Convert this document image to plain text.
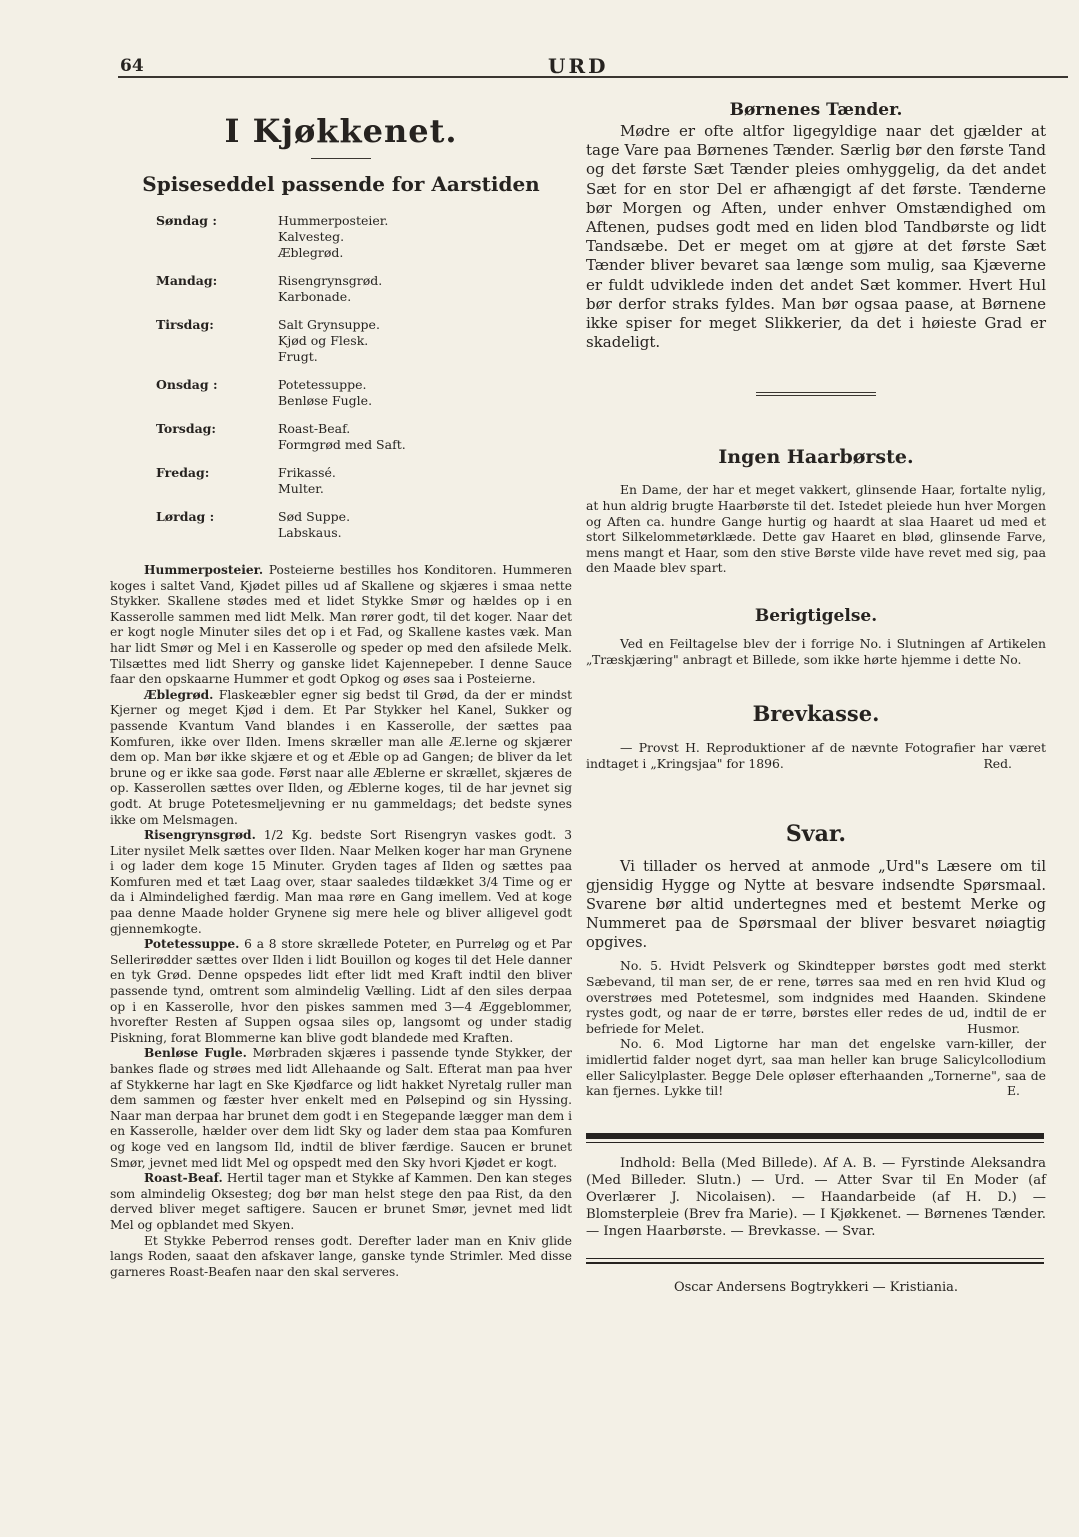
64	URD
I Kjøkkenet.
Spiseseddel passende for Aarstiden
Søndag :	Hummerposteier.
Kalvesteg.
Æblegrød.
Mandag:	Risengrynsgrød.
Karbonade.
Tirsdag:	Salt Grynsuppe.
Kjød og Flesk.
Frugt.
Onsdag :	Potetessuppe.
Benløse Fugle.
Torsdag:	Roast-Beaf.
Formgrød med Saft.
Fredag:	Frikassé.
Multer.
Lørdag :	Sød Suppe.
Labskaus.

Hummerposteier. Posteierne bestilles hos Konditoren. Hummeren koges i saltet Vand, Kjødet pilles ud af Skallene og skjæres i smaa nette Stykker. Skallene stødes med et lidet Stykke Smør og hældes op i en Kasserolle sammen med lidt Melk. Man rører godt, til det koger. Naar det er kogt nogle Minuter siles det op i et Fad, og Skallene kastes væk. Man har lidt Smør og Mel i en Kasserolle og speder op med den afsilede Melk. Tilsættes med lidt Sherry og ganske lidet Kajennepeber. I denne Sauce faar den opskaarne Hummer et godt Opkog og øses saa i Posteierne.

Æblegrød. Flaskeæbler egner sig bedst til Grød, da der er mindst Kjerner og meget Kjød i dem. Et Par Stykker hel Kanel, Sukker og passende Kvantum Vand blandes i en Kasserolle, der sættes paa Komfuren, ikke over Ilden. Imens skræller man alle Æ.lerne og skjærer dem op. Man bør ikke skjære et og et Æble op ad Gangen; de bliver da let brune og er ikke saa gode. Først naar alle Æblerne er skrællet, skjæres de op. Kasserollen sættes over Ilden, og Æblerne koges, til de har jevnet sig godt. At bruge Potetesmeljevning er nu gammeldags; det bedste synes ikke om Melsmagen.

Risengrynsgrød. 1/2 Kg. bedste Sort Risengryn vaskes godt. 3 Liter nysilet Melk sættes over Ilden. Naar Melken koger har man Grynene i og lader dem koge 15 Minuter. Gryden tages af Ilden og sættes paa Komfuren med et tæt Laag over, staar saaledes tildækket 3/4 Time og er da i Almindelighed færdig. Man maa røre en Gang imellem. Ved at koge paa denne Maade holder Grynene sig mere hele og bliver alligevel godt gjennemkogte.

Potetessuppe. 6 a 8 store skrællede Poteter, en Purreløg og et Par Sellerirødder sættes over Ilden i lidt Bouillon og koges til det Hele danner en tyk Grød. Denne opspedes lidt efter lidt med Kraft indtil den bliver passende tynd, omtrent som almindelig Vælling. Lidt af den siles derpaa op i en Kasserolle, hvor den piskes sammen med 3—4 Æggeblommer, hvorefter Resten af Suppen ogsaa siles op, langsomt og under stadig Piskning, forat Blommerne kan blive godt blandede med Kraften.

Benløse Fugle. Mørbraden skjæres i passende tynde Stykker, der bankes flade og strøes med lidt Allehaande og Salt. Efterat man paa hver af Stykkerne har lagt en Ske Kjødfarce og lidt hakket Nyretalg ruller man dem sammen og fæster hver enkelt med en Pølsepind og sin Hyssing. Naar man derpaa har brunet dem godt i en Stegepande lægger man dem i en Kasserolle, hælder over dem lidt Sky og lader dem staa paa Komfuren og koge ved en langsom Ild, indtil de bliver færdige. Saucen er brunet Smør, jevnet med lidt Mel og opspedt med den Sky hvori Kjødet er kogt.

Roast-Beaf. Hertil tager man et Stykke af Kammen. Den kan steges som almindelig Oksesteg; dog bør man helst stege den paa Rist, da den derved bliver meget saftigere. Saucen er brunet Smør, jevnet med lidt Mel og opblandet med Skyen.

Et Stykke Peberrod renses godt. Derefter lader man en Kniv glide langs Roden, saaat den afskaver lange, ganske tynde Strimler. Med disse garneres Roast-Beafen naar den skal serveres.

Børnenes Tænder.

Mødre er ofte altfor ligegyldige naar det gjælder at tage Vare paa Børnenes Tænder. Særlig bør den første Tand og det første Sæt Tænder pleies omhyggelig, da det andet Sæt for en stor Del er afhængigt af det første. Tænderne bør Morgen og Aften, under enhver Omstændighed om Aftenen, pudses godt med en liden blod Tandbørste og lidt Tandsæbe. Det er meget om at gjøre at det første Sæt Tænder bliver bevaret saa længe som mulig, saa Kjæverne er fuldt udviklede inden det andet Sæt kommer. Hvert Hul bør derfor straks fyldes. Man bør ogsaa paase, at Børnene ikke spiser for meget Slikkerier, da det i høieste Grad er skadeligt.

Ingen Haarbørste.

En Dame, der har et meget vakkert, glinsende Haar, fortalte nylig, at hun aldrig brugte Haarbørste til det. Istedet pleiede hun hver Morgen og Aften ca. hundre Gange hurtig og haardt at slaa Haaret ud med et stort Silkelommetørklæde. Dette gav Haaret en blød, glinsende Farve, mens mangt et Haar, som den stive Børste vilde have revet med sig, paa den Maade blev spart.

Berigtigelse.

Ved en Feiltagelse blev der i forrige No. i Slutningen af Artikelen „Træskjæring" anbragt et Billede, som ikke hørte hjemme i dette No.

Brevkasse.

— Provst H. Reproduktioner af de nævnte Fotografier har været indtaget i „Kringsjaa" for 1896.	Red.

Svar.

Vi tillader os herved at anmode „Urd"s Læsere om til gjensidig Hygge og Nytte at besvare indsendte Spørsmaal. Svarene bør altid undertegnes med et bestemt Merke og Nummeret paa de Spørsmaal der bliver besvaret nøiagtig opgives.

No. 5. Hvidt Pelsverk og Skindtepper børstes godt med sterkt Sæbevand, til man ser, de er rene, tørres saa med en ren hvid Klud og overstrøes med Potetesmel, som indgnides med Haanden. Skindene rystes godt, og naar de er tørre, børstes eller redes de ud, indtil de er befriede for Melet.	Husmor.

No. 6. Mod Ligtorne har man det engelske varn-killer, der imidlertid falder noget dyrt, saa man heller kan bruge Salicylcollodium eller Salicylplaster. Begge Dele opløser efterhaanden „Tornerne", saa de kan fjernes. Lykke til!	E.

Indhold: Bella (Med Billede). Af A. B. — Fyrstinde Aleksandra (Med Billeder. Slutn.) — Urd. — Atter Svar til En Moder (af Overlærer J. Nicolaisen). — Haandarbeide (af H. D.) — Blomsterpleie (Brev fra Marie). — I Kjøkkenet. — Børnenes Tænder. — Ingen Haarbørste. — Brevkasse. — Svar.

Oscar Andersens Bogtrykkeri — Kristiania.
